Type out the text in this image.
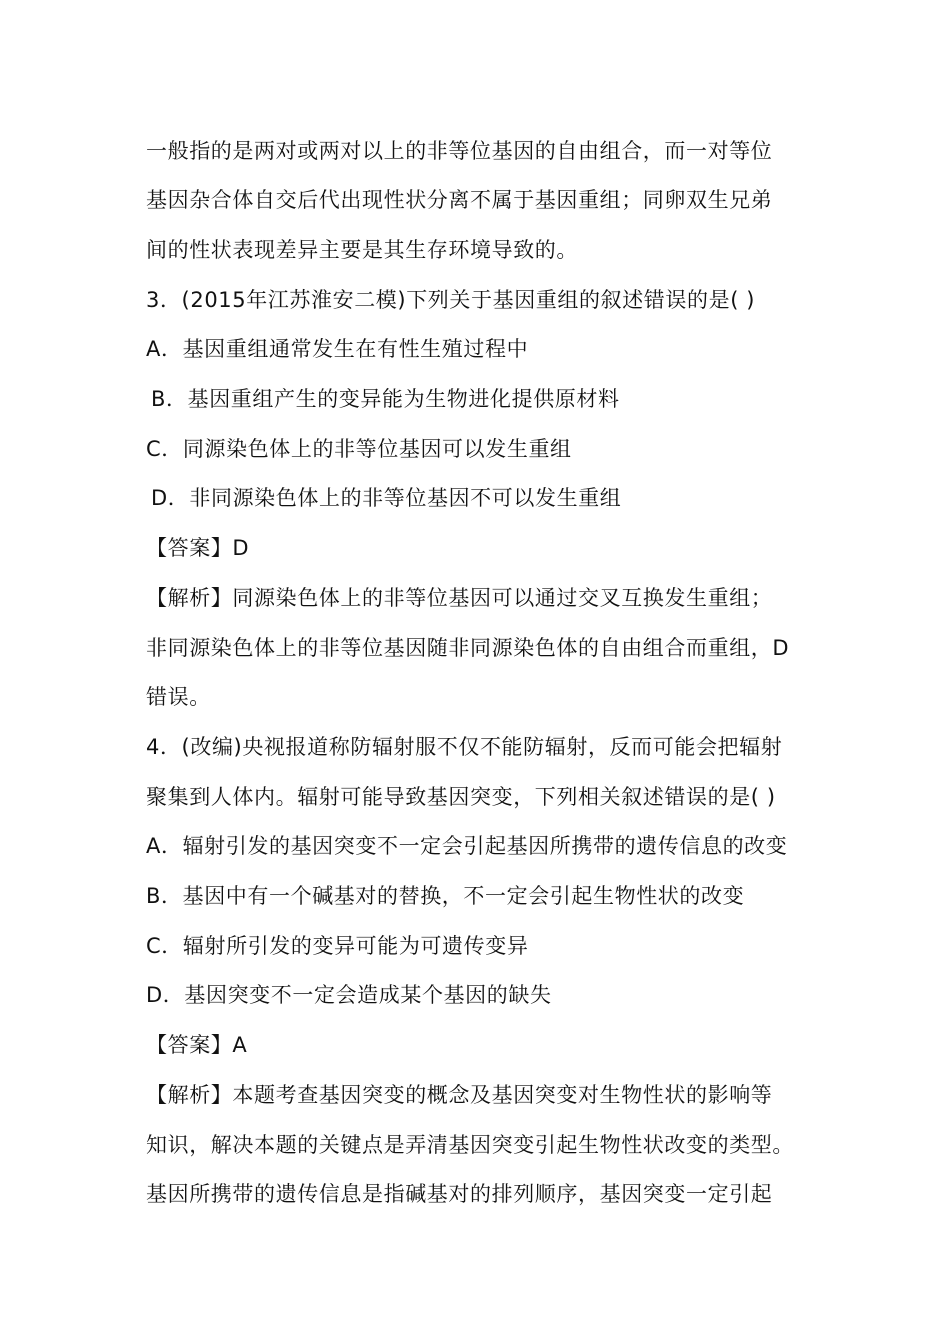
一般指的是两对或两对以上的非等位基因的自由组合，而一对等位
基因杂合体自交后代出现性状分离不属于基因重组；同卵双生兄弟
间的性状表现差异主要是其生存环境导致的。
3．(2015年江苏淮安二模)下列关于基因重组的叙述错误的是( )
A．基因重组通常发生在有性生殖过程中
B．基因重组产生的变异能为生物进化提供原材料
C．同源染色体上的非等位基因可以发生重组
D．非同源染色体上的非等位基因不可以发生重组
【答案】D
【解析】同源染色体上的非等位基因可以通过交叉互换发生重组；
非同源染色体上的非等位基因随非同源染色体的自由组合而重组，D
错误。
4．(改编)央视报道称防辐射服不仅不能防辐射，反而可能会把辐射
聚集到人体内。辐射可能导致基因突变，下列相关叙述错误的是( )
A．辐射引发的基因突变不一定会引起基因所携带的遗传信息的改变
B．基因中有一个碱基对的替换，不一定会引起生物性状的改变
C．辐射所引发的变异可能为可遗传变异
D．基因突变不一定会造成某个基因的缺失
【答案】A
【解析】本题考查基因突变的概念及基因突变对生物性状的影响等
知识，解决本题的关键点是弄清基因突变引起生物性状改变的类型。
基因所携带的遗传信息是指碱基对的排列顺序，基因突变一定引起
